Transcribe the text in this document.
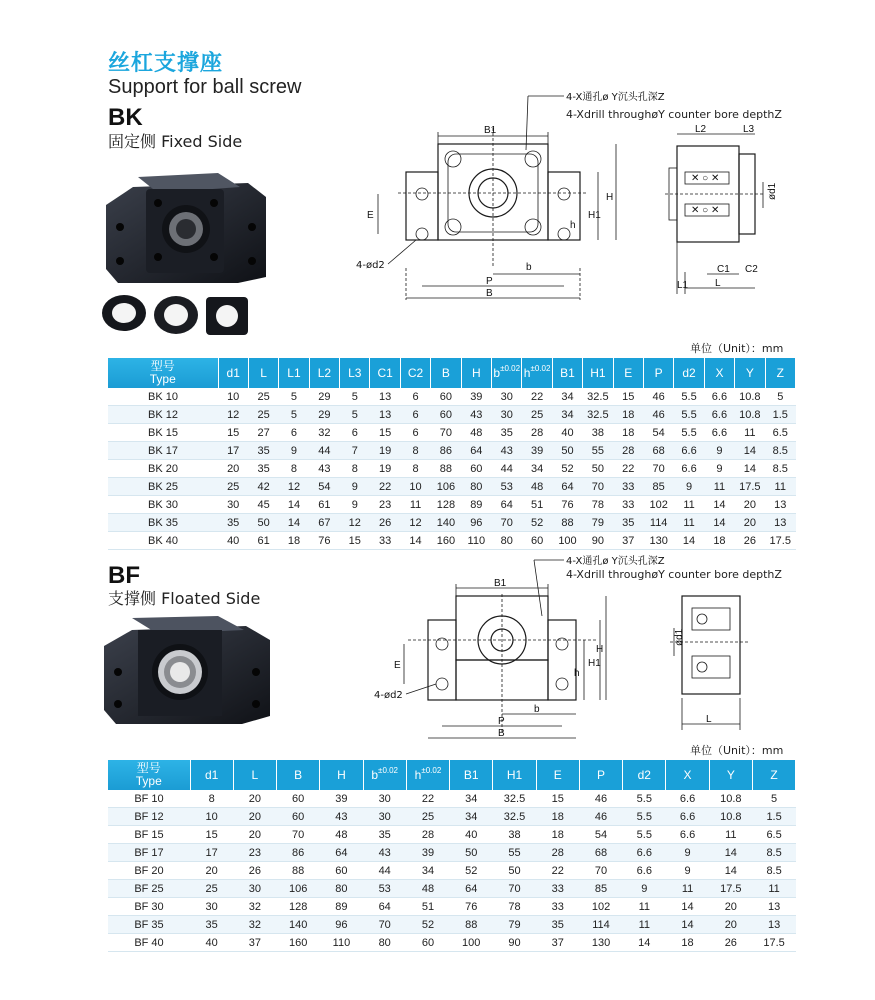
丝杠支撑座
Support for ball screw
BK
固定侧 Fixed Side
4-X通孔ø Y沉头孔深Z
B1
E
h
H1
H
b
P
B
4-ød2
4-Xdrill throughøY counter bore depthZ
L2	L3
✕ ○ ✕
✕ ○ ✕
ød1
L1
C1 C2
L
单位（Unit）：mm
型号
Type	d1	L	L1	L2	L3	C1	C2	B	H	$b^{\pm 0.02}$	$h^{\pm 0.02}$	B1	H1	E	P	d2	X	Y	Z
BK 10	10	25	5	29	5	13	6	60	39	30	22	34	32.5	15	46	5.5	6.6	10.8	5
BK 12	12	25	5	29	5	13	6	60	43	30	25	34	32.5	18	46	5.5	6.6	10.8	1.5
BK 15	15	27	6	32	6	15	6	70	48	35	28	40	38	18	54	5.5	6.6	11	6.5
BK 17	17	35	9	44	7	19	8	86	64	43	39	50	55	28	68	6.6	9	14	8.5
BK 20	20	35	8	43	8	19	8	88	60	44	34	52	50	22	70	6.6	9	14	8.5
BK 25	25	42	12	54	9	22	10	106	80	53	48	64	70	33	85	9	11	17.5	11
BK 30	30	45	14	61	9	23	11	128	89	64	51	76	78	33	102	11	14	20	13
BK 35	35	50	14	67	12	26	12	140	96	70	52	88	79	35	114	11	14	20	13
BK 40	40	61	18	76	15	33	14	160	110	80	60	100	90	37	130	14	18	26	17.5
BF
支撑侧 Floated Side
4-X通孔ø Y沉头孔深Z
B1
E
h
H1
H
b
P
B
4-ød2
4-Xdrill throughøY counter bore depthZ
ød1
L
单位（Unit）：mm
型号
Type	d1	L	B	H	$b^{\pm 0.02}$	$h^{\pm 0.02}$	B1	H1	E	P	d2	X	Y	Z
BF 10	8	20	60	39	30	22	34	32.5	15	46	5.5	6.6	10.8	5
BF 12	10	20	60	43	30	25	34	32.5	18	46	5.5	6.6	10.8	1.5
BF 15	15	20	70	48	35	28	40	38	18	54	5.5	6.6	11	6.5
BF 17	17	23	86	64	43	39	50	55	28	68	6.6	9	14	8.5
BF 20	20	26	88	60	44	34	52	50	22	70	6.6	9	14	8.5
BF 25	25	30	106	80	53	48	64	70	33	85	9	11	17.5	11
BF 30	30	32	128	89	64	51	76	78	33	102	11	14	20	13
BF 35	35	32	140	96	70	52	88	79	35	114	11	14	20	13
BF 40	40	37	160	110	80	60	100	90	37	130	14	18	26	17.5
